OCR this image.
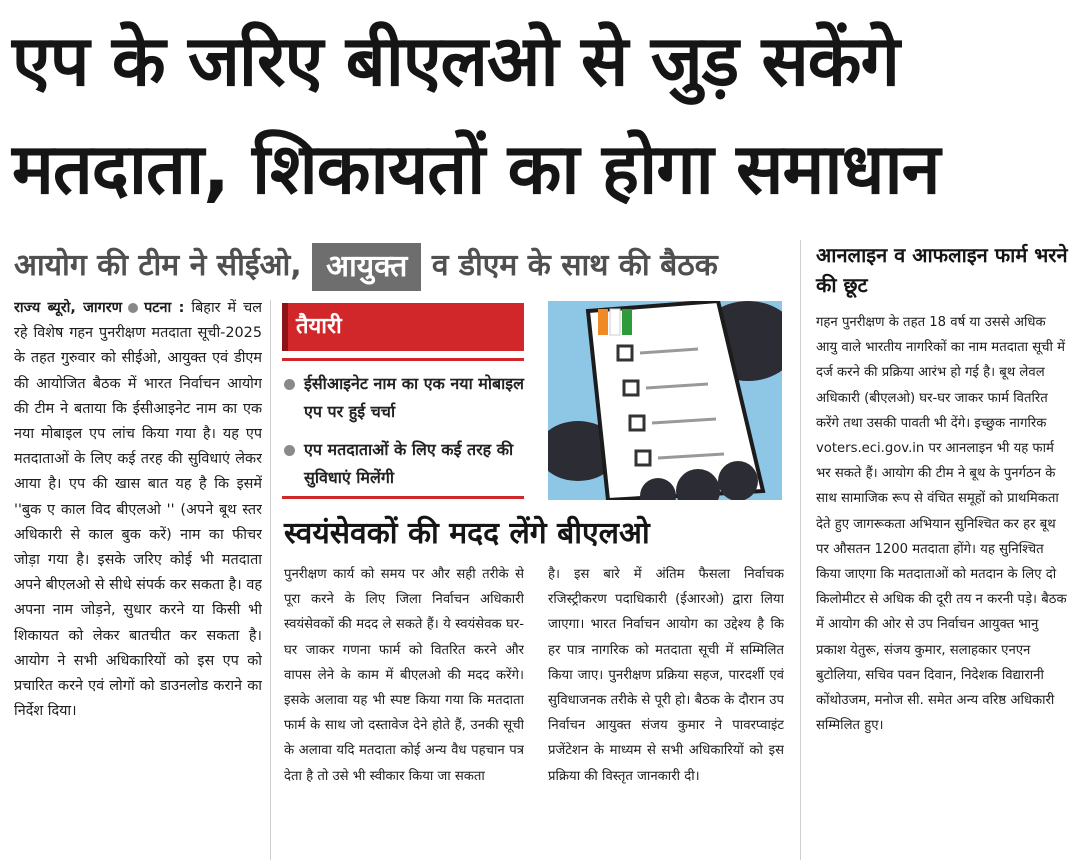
एप के जरिए बीएलओ से जुड़ सकेंगे
मतदाता, शिकायतों का होगा समाधान
आयोग की टीम ने सीईओ, आयुक्त व डीएम के साथ की बैठक
राज्य ब्यूरो, जागरण पटना : बिहार में चल रहे विशेष गहन पुनरीक्षण मतदाता सूची-2025 के तहत गुरुवार को सीईओ, आयुक्त एवं डीएम की आयोजित बैठक में भारत निर्वाचन आयोग की टीम ने बताया कि ईसीआइनेट नाम का एक नया मोबाइल एप लांच किया गया है। यह एप मतदाताओं के लिए कई तरह की सुविधाएं लेकर आया है। एप की खास बात यह है कि इसमें ''बुक ए काल विद बीएलओ '' (अपने बूथ स्तर अधिकारी से काल बुक करें) नाम का फीचर जोड़ा गया है। इसके जरिए कोई भी मतदाता अपने बीएलओ से सीधे संपर्क कर सकता है। वह अपना नाम जोड़ने, सुधार करने या किसी भी शिकायत को लेकर बातचीत कर सकता है। आयोग ने सभी अधिकारियों को इस एप को प्रचारित करने एवं लोगों को डाउनलोड कराने का निर्देश दिया।
तैयारी
ईसीआइनेट नाम का एक नया मोबाइल एप पर हुई चर्चा
एप मतदाताओं के लिए कई तरह की सुविधाएं मिलेंगी
स्वयंसेवकों की मदद लेंगे बीएलओ
पुनरीक्षण कार्य को समय पर और सही तरीके से पूरा करने के लिए जिला निर्वाचन अधिकारी स्वयंसेवकों की मदद ले सकते हैं। ये स्वयंसेवक घर-घर जाकर गणना फार्म को वितरित करने और वापस लेने के काम में बीएलओ की मदद करेंगे। इसके अलावा यह भी स्पष्ट किया गया कि मतदाता फार्म के साथ जो दस्तावेज देने होते हैं, उनकी सूची के अलावा यदि मतदाता कोई अन्य वैध पहचान पत्र देता है तो उसे भी स्वीकार किया जा सकता
है। इस बारे में अंतिम फैसला निर्वाचक रजिस्ट्रीकरण पदाधिकारी (ईआरओ) द्वारा लिया जाएगा। भारत निर्वाचन आयोग का उद्देश्य है कि हर पात्र नागरिक को मतदाता सूची में सम्मिलित किया जाए। पुनरीक्षण प्रक्रिया सहज, पारदर्शी एवं सुविधाजनक तरीके से पूरी हो। बैठक के दौरान उप निर्वाचन आयुक्त संजय कुमार ने पावरप्वाइंट प्रजेंटेशन के माध्यम से सभी अधिकारियों को इस प्रक्रिया की विस्तृत जानकारी दी।
आनलाइन व आफलाइन फार्म भरने की छूट
गहन पुनरीक्षण के तहत 18 वर्ष या उससे अधिक आयु वाले भारतीय नागरिकों का नाम मतदाता सूची में दर्ज करने की प्रक्रिया आरंभ हो गई है। बूथ लेवल अधिकारी (बीएलओ) घर-घर जाकर फार्म वितरित करेंगे तथा उसकी पावती भी देंगे। इच्छुक नागरिक voters.eci.gov.in पर आनलाइन भी यह फार्म भर सकते हैं। आयोग की टीम ने बूथ के पुनर्गठन के साथ सामाजिक रूप से वंचित समूहों को प्राथमिकता देते हुए जागरूकता अभियान सुनिश्चित कर हर बूथ पर औसतन 1200 मतदाता होंगे। यह सुनिश्चित किया जाएगा कि मतदाताओं को मतदान के लिए दो किलोमीटर से अधिक की दूरी तय न करनी पड़े। बैठक में आयोग की ओर से उप निर्वाचन आयुक्त भानु प्रकाश येतुरू, संजय कुमार, सलाहकार एनएन बुटोलिया, सचिव पवन दिवान, निदेशक विद्यारानी कोंथोउजम, मनोज सी. समेत अन्य वरिष्ठ अधिकारी सम्मिलित हुए।
